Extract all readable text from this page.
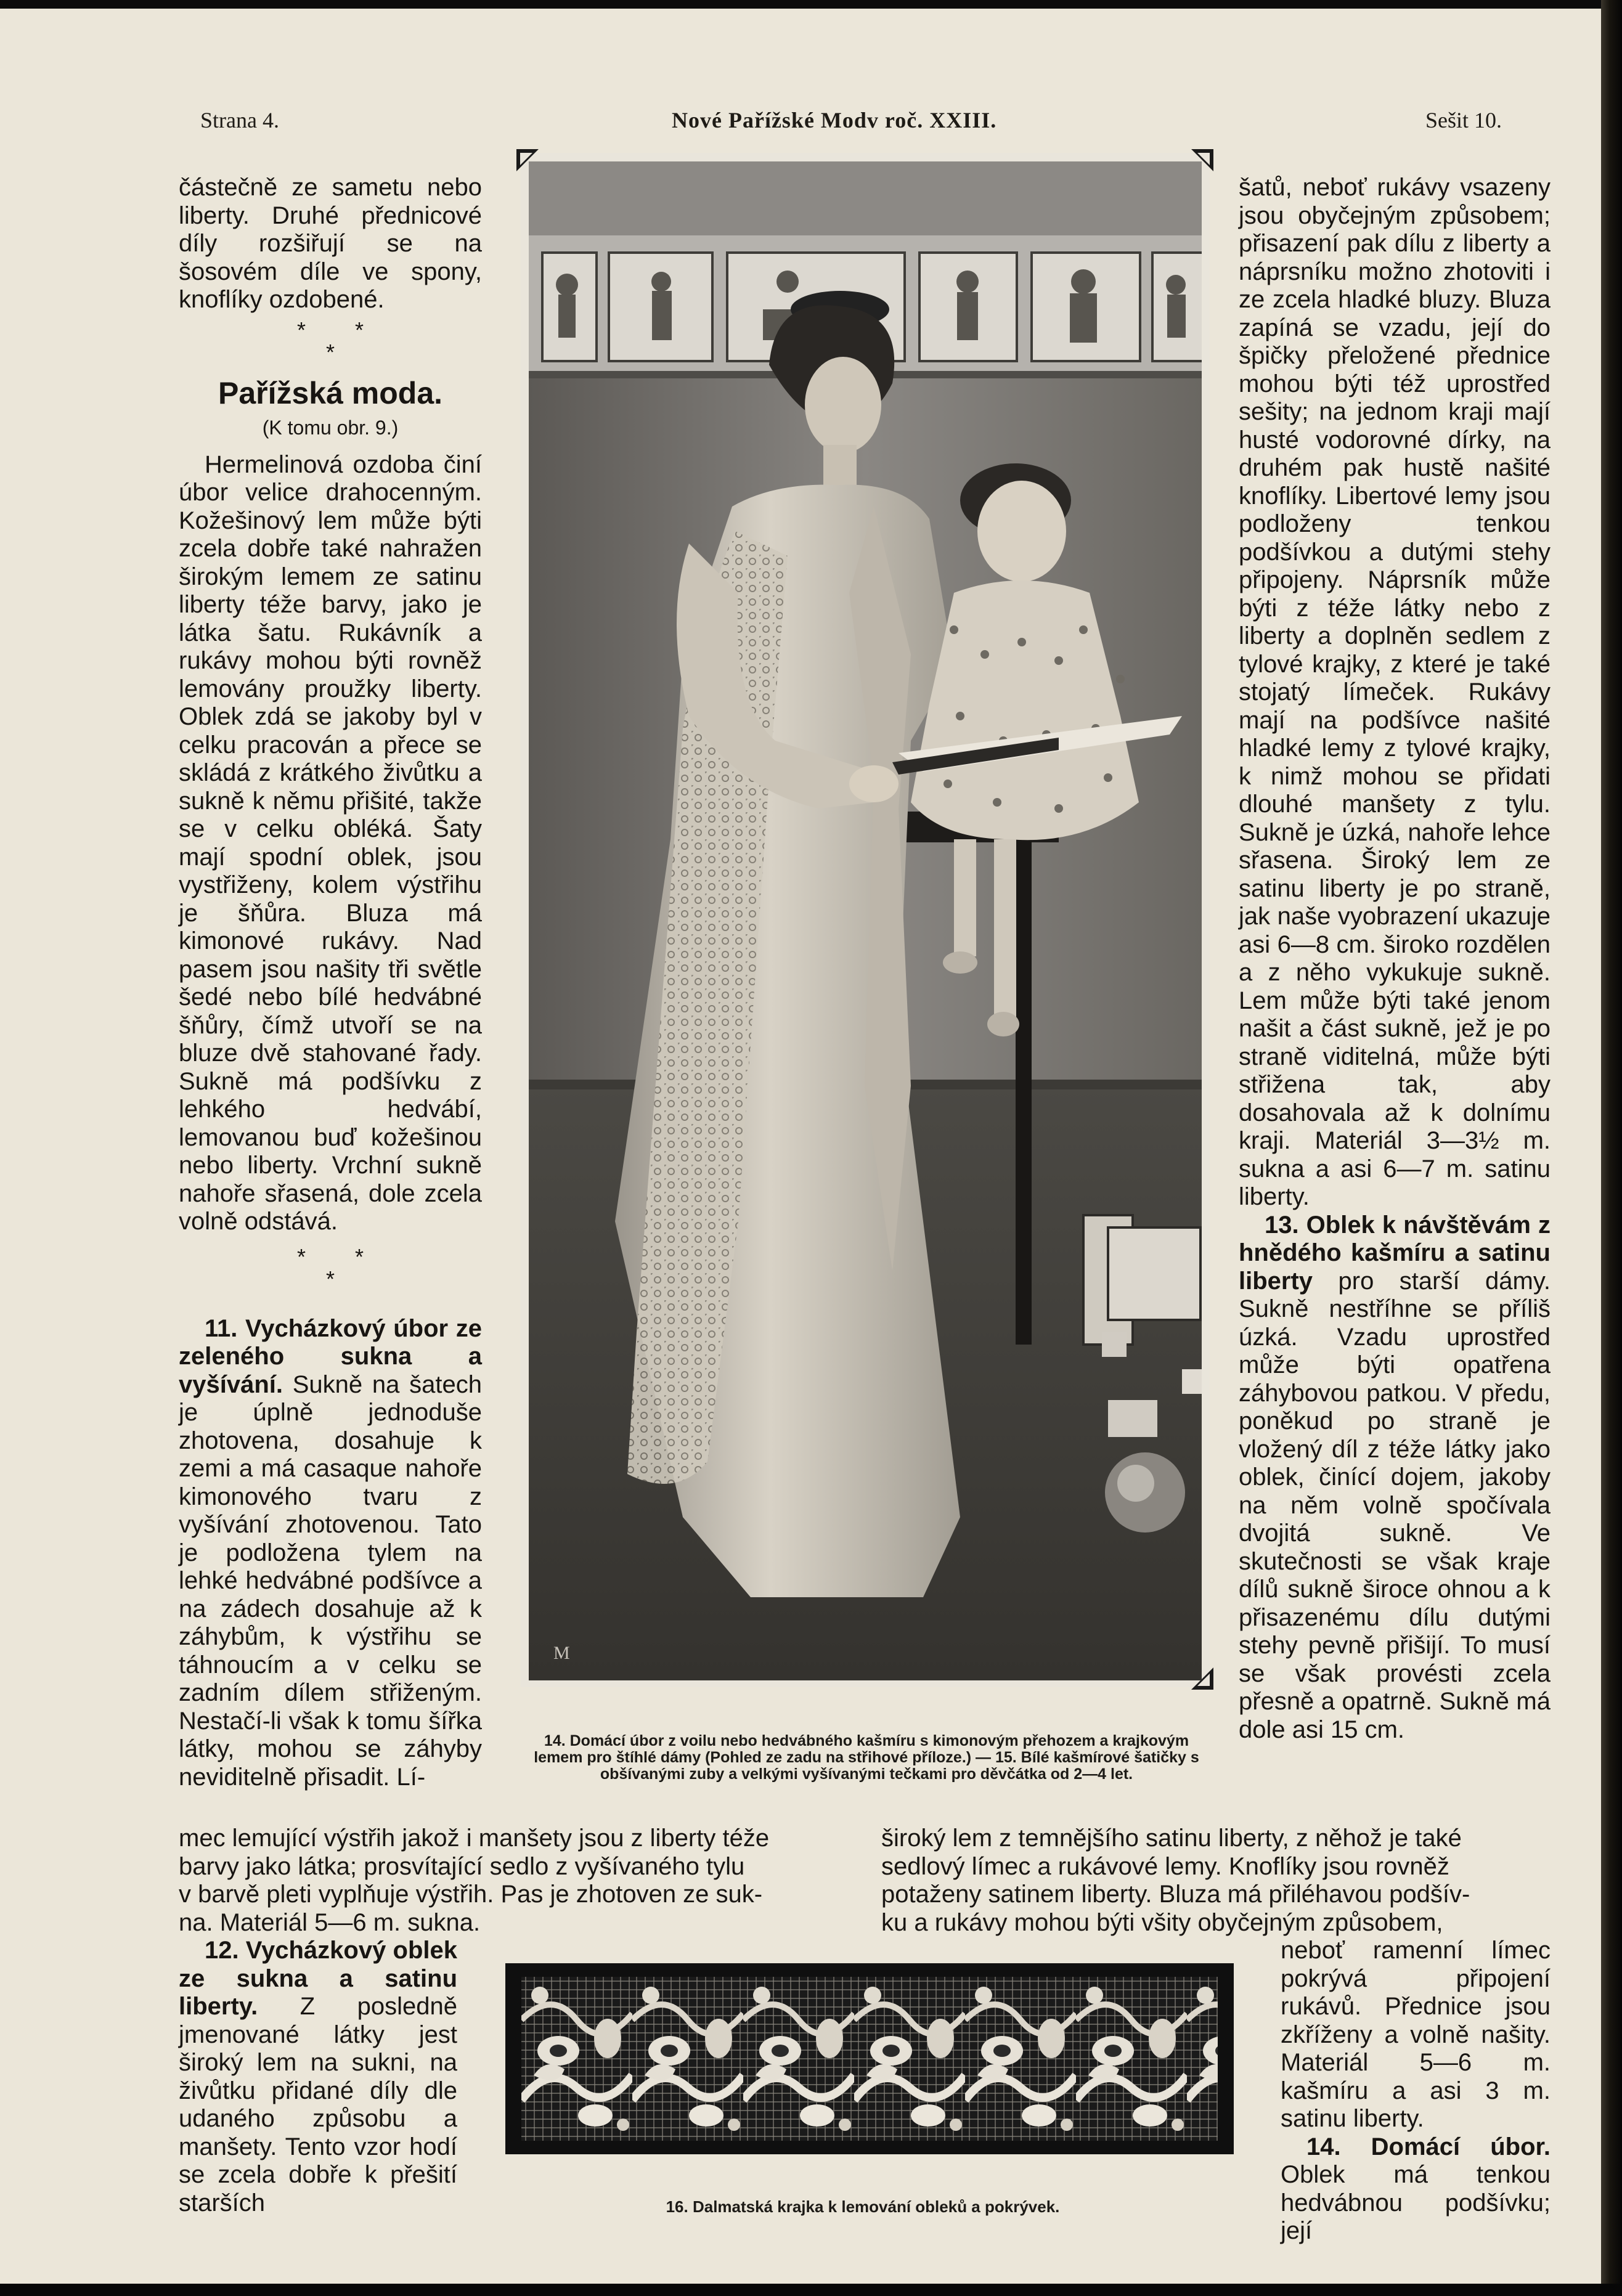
Strana 4.	Nové Pařížské Modv roč. XXIII.	Sešit 10.

částečně ze sametu nebo liberty. Druhé přednicové díly rozšiřují se na šosovém díle ve spony, knoflíky ozdobené.

*        *
*
Pařížská moda.
(K tomu obr. 9.)

Hermelinová ozdoba činí úbor velice drahocenným. Kožešinový lem může býti zcela dobře také nahražen širokým lemem ze satinu liberty téže barvy, jako je látka šatu. Rukávník a rukávy mohou býti rovněž lemovány proužky liberty. Oblek zdá se jakoby byl v celku pracován a přece se skládá z krátkého živůtku a sukně k němu přišité, takže se v celku obléká. Šaty mají spodní oblek, jsou vystřiženy, kolem výstřihu je šňůra. Bluza má kimonové rukávy. Nad pasem jsou našity tři světle šedé nebo bílé hedvábné šňůry, čímž utvoří se na bluze dvě stahované řady. Sukně má podšívku z lehkého hedvábí, lemovanou buď kožešinou nebo liberty. Vrchní sukně nahoře sřasená, dole zcela volně odstává.

*        *
*

11. Vycházkový úbor ze zeleného sukna a vyšívání. Sukně na šatech je úplně jednoduše zhotovena, dosahuje k zemi a má casaque nahoře kimonového tvaru z vyšívání zhotovenou. Tato je podložena tylem na lehké hedvábné podšívce a na zádech dosahuje až k záhybům, k výstřihu se táhnoucím a v celku se zadním dílem střiženým. Nestačí-li však k tomu šířka látky, mohou se záhyby neviditelně přisadit. Lí-

M
14. Domácí úbor z voilu nebo hedvábného kašmíru s kimonovým přehozem a krajkovým lemem pro štíhlé dámy (Pohled ze zadu na střihové příloze.) — 15. Bílé kašmírové šatičky s obšívanými zuby a velkými vyšívanými tečkami pro děvčátka od 2—4 let.

šatů, neboť rukávy vsazeny jsou obyčejným způsobem; přisazení pak dílu z liberty a náprsníku možno zhotoviti i ze zcela hladké bluzy. Bluza zapíná se vzadu, její do špičky přeložené přednice mohou býti též uprostřed sešity; na jednom kraji mají husté vodorovné dírky, na druhém pak hustě našité knoflíky. Libertové lemy jsou podloženy tenkou podšívkou a dutými stehy připojeny. Náprsník může býti z téže látky nebo z liberty a doplněn sedlem z tylové krajky, z které je také stojatý límeček. Rukávy mají na podšívce našité hladké lemy z tylové krajky, k nimž mohou se přidati dlouhé manšety z tylu. Sukně je úzká, nahoře lehce sřasena. Široký lem ze satinu liberty je po straně, jak naše vyobrazení ukazuje asi 6—8 cm. široko rozdělen a z něho vykukuje sukně. Lem může býti také jenom našit a část sukně, jež je po straně viditelná, může býti střižena tak, aby dosahovala až k dolnímu kraji. Materiál 3—3½ m. sukna a asi 6—7 m. satinu liberty.

13. Oblek k návštěvám z hnědého kašmíru a satinu liberty pro starší dámy. Sukně nestříhne se příliš úzká. Vzadu uprostřed může býti opatřena záhybovou patkou. V předu, poněkud po straně je vložený díl z téže látky jako oblek, činící dojem, jakoby na něm volně spočívala dvojitá sukně. Ve skutečnosti se však kraje dílů sukně široce ohnou a k přisazenému dílu dutými stehy pevně přišijí. To musí se však provésti zcela přesně a opatrně. Sukně má dole asi 15 cm.

mec lemující výstřih jakož i manšety jsou z liberty téže
barvy jako látka; prosvítající sedlo z vyšívaného tylu
v barvě pleti vyplňuje výstřih. Pas je zhotoven ze suk-
na. Materiál 5—6 m. sukna.
široký lem z temnějšího satinu liberty, z něhož je také
sedlový límec a rukávové lemy. Knoflíky jsou rovněž
potaženy satinem liberty. Bluza má přiléhavou podšív-
ku a rukávy mohou býti všity obyčejným způsobem,

12. Vycházkový oblek ze sukna a satinu liberty. Z posledně jmenované látky jest široký lem na sukni, na živůtku přidané díly dle udaného způsobu a manšety. Tento vzor hodí se zcela dobře k přešití starších	16. Dalmatská krajka k lemování obleků a pokrývek.

neboť ramenní límec pokrývá připojení rukávů. Přednice jsou zkříženy a volně našity. Materiál 5—6 m. kašmíru a asi 3 m. satinu liberty.

14. Domácí úbor. Oblek má tenkou hedvábnou podšívku; její
